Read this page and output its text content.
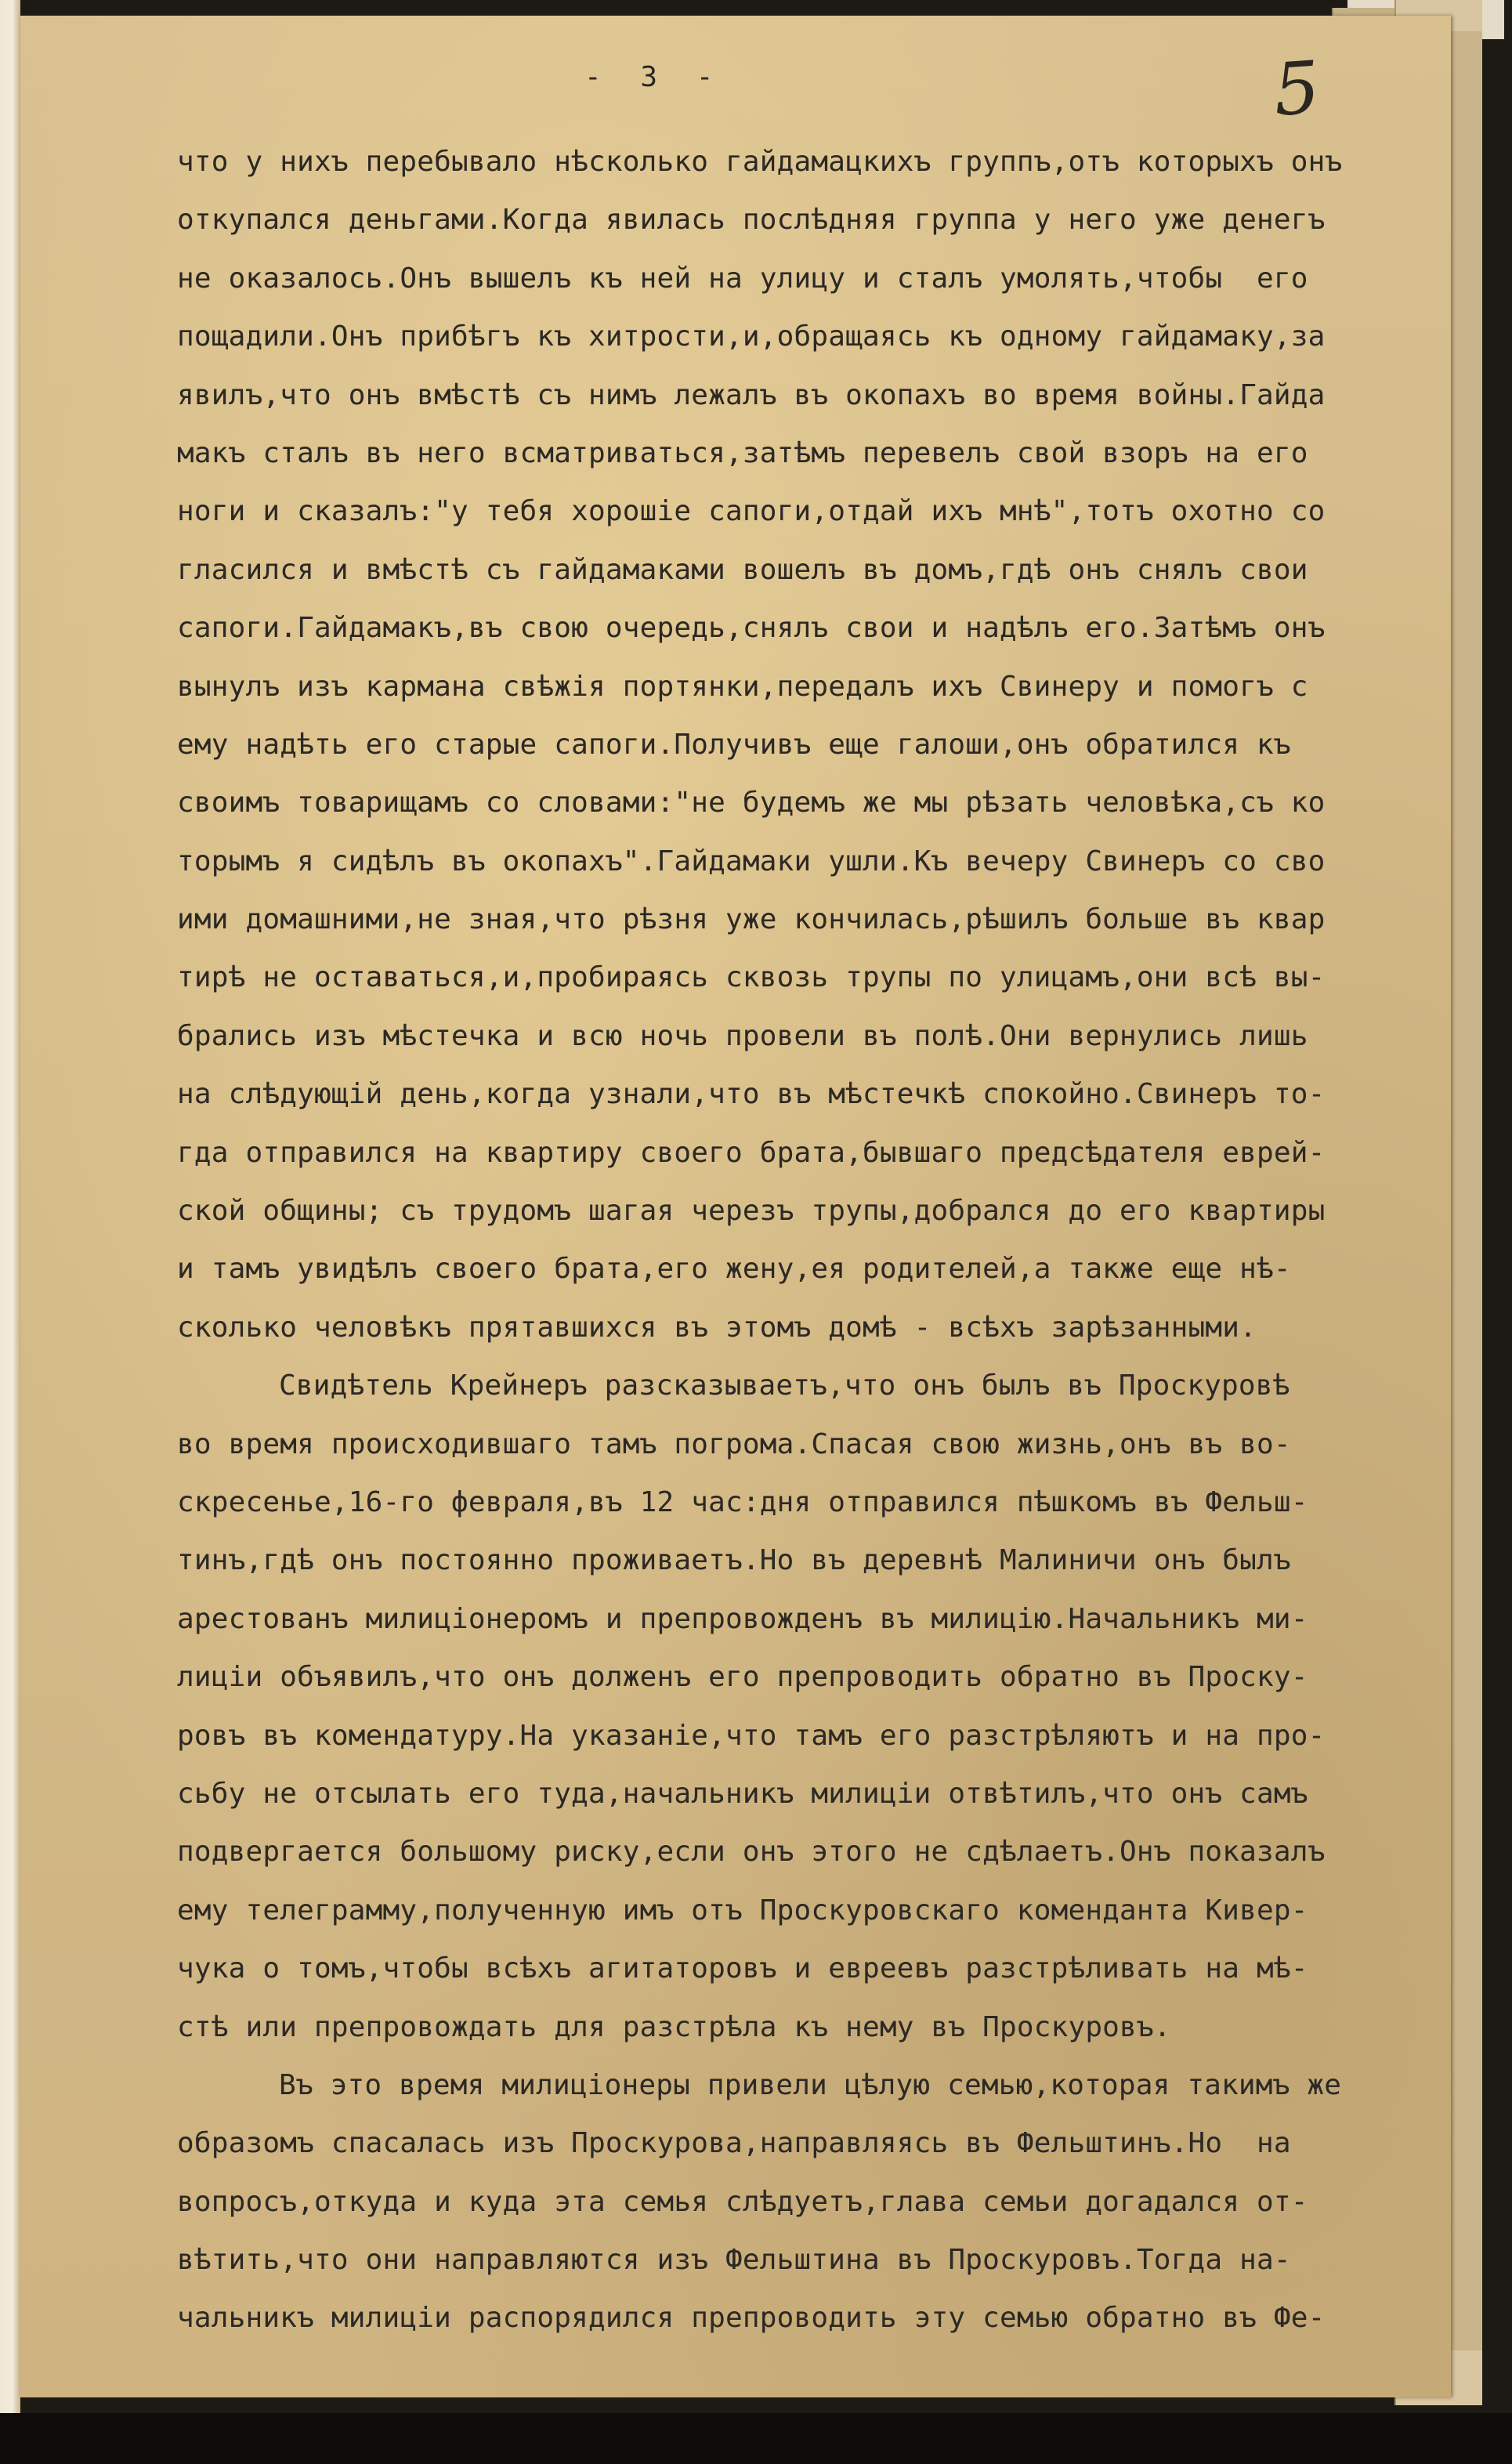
- 3 -	5
что у нихъ перебывало нѣсколько гайдамацкихъ группъ,отъ которыхъ онъ
откупался деньгами.Когда явилась послѣдняя группа у него уже денегъ
не оказалось.Онъ вышелъ къ ней на улицу и сталъ умолять,чтобы  его
пощадили.Онъ прибѣгъ къ хитрости,и,обращаясь къ одному гайдамаку,за
явилъ,что онъ вмѣстѣ съ нимъ лежалъ въ окопахъ во время войны.Гайда
макъ сталъ въ него всматриваться,затѣмъ перевелъ свой взоръ на его
ноги и сказалъ:"у тебя хорошiе сапоги,отдай ихъ мнѣ",тотъ охотно со
гласился и вмѣстѣ съ гайдамаками вошелъ въ домъ,гдѣ онъ снялъ свои
сапоги.Гайдамакъ,въ свою очередь,снялъ свои и надѣлъ его.Затѣмъ онъ
вынулъ изъ кармана свѣжiя портянки,передалъ ихъ Свинеру и помогъ с
ему надѣть его старые сапоги.Получивъ еще галоши,онъ обратился къ
своимъ товарищамъ со словами:"не будемъ же мы рѣзать человѣка,съ ко
торымъ я сидѣлъ въ окопахъ".Гайдамаки ушли.Къ вечеру Свинеръ со сво
ими домашними,не зная,что рѣзня уже кончилась,рѣшилъ больше въ квар
тирѣ не оставаться,и,пробираясь сквозь трупы по улицамъ,они всѣ вы-
брались изъ мѣстечка и всю ночь провели въ полѣ.Они вернулись лишь
на слѣдующiй день,когда узнали,что въ мѣстечкѣ спокойно.Свинеръ то-
гда отправился на квартиру своего брата,бывшаго предсѣдателя еврей-
ской общины; съ трудомъ шагая черезъ трупы,добрался до его квартиры
и тамъ увидѣлъ своего брата,его жену,ея родителей,а также еще нѣ-
сколько человѣкъ прятавшихся въ этомъ домѣ - всѣхъ зарѣзанными.
Свидѣтель Крейнеръ разсказываетъ,что онъ былъ въ Проскуровѣ
во время происходившаго тамъ погрома.Спасая свою жизнь,онъ въ во-
скресенье,16-го февраля,въ 12 час:дня отправился пѣшкомъ въ Фельш-
тинъ,гдѣ онъ постоянно проживаетъ.Но въ деревнѣ Малиничи онъ былъ
арестованъ милицiонеромъ и препровожденъ въ милицiю.Начальникъ ми-
лицiи объявилъ,что онъ долженъ его препроводить обратно въ Проску-
ровъ въ комендатуру.На указанiе,что тамъ его разстрѣляютъ и на про-
сьбу не отсылать его туда,начальникъ милицiи отвѣтилъ,что онъ самъ
подвергается большому риску,если онъ этого не сдѣлаетъ.Онъ показалъ
ему телеграмму,полученную имъ отъ Проскуровскаго коменданта Кивер-
чука о томъ,чтобы всѣхъ агитаторовъ и евреевъ разстрѣливать на мѣ-
стѣ или препровождать для разстрѣла къ нему въ Проскуровъ.
Въ это время милицiонеры привели цѣлую семью,которая такимъ же
образомъ спасалась изъ Проскурова,направляясь въ Фельштинъ.Но  на
вопросъ,откуда и куда эта семья слѣдуетъ,глава семьи догадался от-
вѣтить,что они направляются изъ Фельштина въ Проскуровъ.Тогда на-
чальникъ милицiи распорядился препроводить эту семью обратно въ Фе-
